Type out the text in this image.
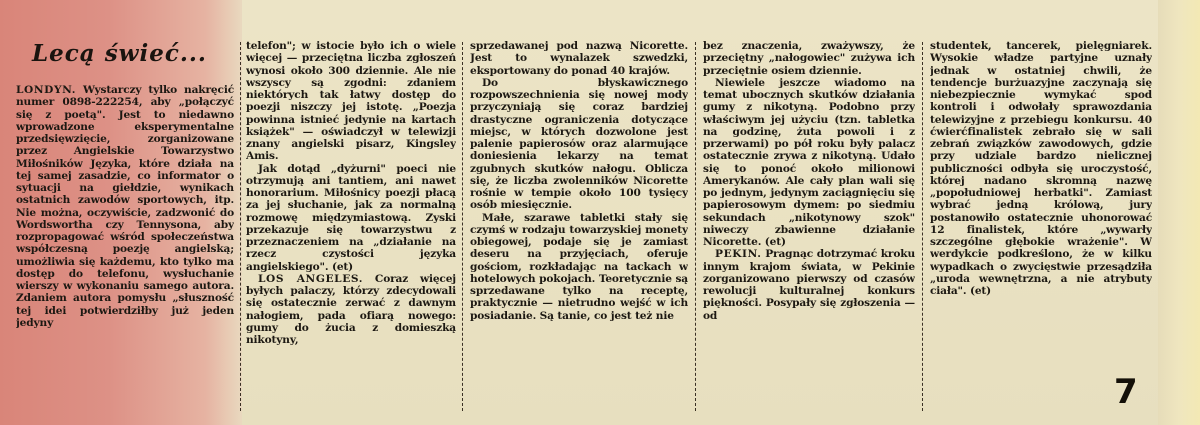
Lecą świeć...

LONDYN. Wystarczy tylko nakręcić numer 0898-222254, aby „połączyć się z poetą". Jest to niedawno wprowadzone eksperymentalne przedsięwzięcie, zorganizowane przez Angielskie Towarzystwo Miłośników Języka, które działa na tej samej zasadzie, co informator o sytuacji na giełdzie, wynikach ostatnich zawodów sportowych, itp. Nie można, oczywiście, zadzwonić do Wordswortha czy Tennysona, aby rozpropagować wśród społeczeństwa współczesną poezję angielską; umożliwia się każdemu, kto tylko ma dostęp do telefonu, wysłuchanie wierszy w wykonaniu samego autora. Zdaniem autora pomysłu „słuszność tej idei potwierdziłby już jeden jedyny

telefon"; w istocie było ich o wiele więcej — przeciętna liczba zgłoszeń wynosi około 300 dziennie. Ale nie wszyscy są zgodni: zdaniem niektórych tak łatwy dostęp do poezji niszczy jej istotę. „Poezja powinna istnieć jedynie na kartach książek" — oświadczył w telewizji znany angielski pisarz, Kingsley Amis.

Jak dotąd „dyżurni" poeci nie otrzymują ani tantiem, ani nawet honorarium. Miłośnicy poezji płacą za jej słuchanie, jak za normalną rozmowę międzymiastową. Zyski przekazuje się towarzystwu z przeznaczeniem na „działanie na rzecz czystości języka angielskiego". (et)

LOS ANGELES. Coraz więcej byłych palaczy, którzy zdecydowali się ostatecznie zerwać z dawnym nałogiem, pada ofiarą nowego: gumy do żucia z domieszką nikotyny,

sprzedawanej pod nazwą Nicorette. Jest to wynalazek szwedzki, eksportowany do ponad 40 krajów.

Do błyskawicznego rozpowszechnienia się nowej mody przyczyniają się coraz bardziej drastyczne ograniczenia dotyczące miejsc, w których dozwolone jest palenie papierosów oraz alarmujące doniesienia lekarzy na temat zgubnych skutków nałogu. Oblicza się, że liczba zwolenników Nicorette rośnie w tempie około 100 tysięcy osób miesięcznie.

Małe, szarawe tabletki stały się czymś w rodzaju towarzyskiej monety obiegowej, podaje się je zamiast deseru na przyjęciach, oferuje gościom, rozkładając na tackach w hotelowych pokojach. Teoretycznie są sprzedawane tylko na receptę, praktycznie — nietrudno wejść w ich posiadanie. Są tanie, co jest też nie

bez znaczenia, zważywszy, że przeciętny „nałogowiec" zużywa ich przeciętnie osiem dziennie.

Niewiele jeszcze wiadomo na temat ubocznych skutków działania gumy z nikotyną. Podobno przy właściwym jej użyciu (tzn. tabletka na godzinę, żuta powoli i z przerwami) po pół roku były palacz ostatecznie zrywa z nikotyną. Udało się to ponoć około milionowi Amerykanów. Ale cały plan wali się po jednym, jedynym zaciągnięciu się papierosowym dymem: po siedmiu sekundach „nikotynowy szok" niweczy zbawienne działanie Nicorette. (et)

PEKIN. Pragnąc dotrzymać kroku innym krajom świata, w Pekinie zorganizowano pierwszy od czasów rewolucji kulturalnej konkurs piękności. Posypały się zgłoszenia — od

studentek, tancerek, pielęgniarek. Wysokie władze partyjne uznały jednak w ostatniej chwili, że tendencje burżuazyjne zaczynają się niebezpiecznie wymykać spod kontroli i odwołały sprawozdania telewizyjne z przebiegu konkursu. 40 ćwierćfinalistek zebrało się w sali zebrań związków zawodowych, gdzie przy udziale bardzo nielicznej publiczności odbyła się uroczystość, której nadano skromną nazwę „popołudniowej herbatki". Zamiast wybrać jedną królową, jury postanowiło ostatecznie uhonorować 12 finalistek, które „wywarły szczególne głębokie wrażenie". W werdykcie podkreślono, że w kilku wypadkach o zwycięstwie przesądziła „uroda wewnętrzna, a nie atrybuty ciała". (et)

7
